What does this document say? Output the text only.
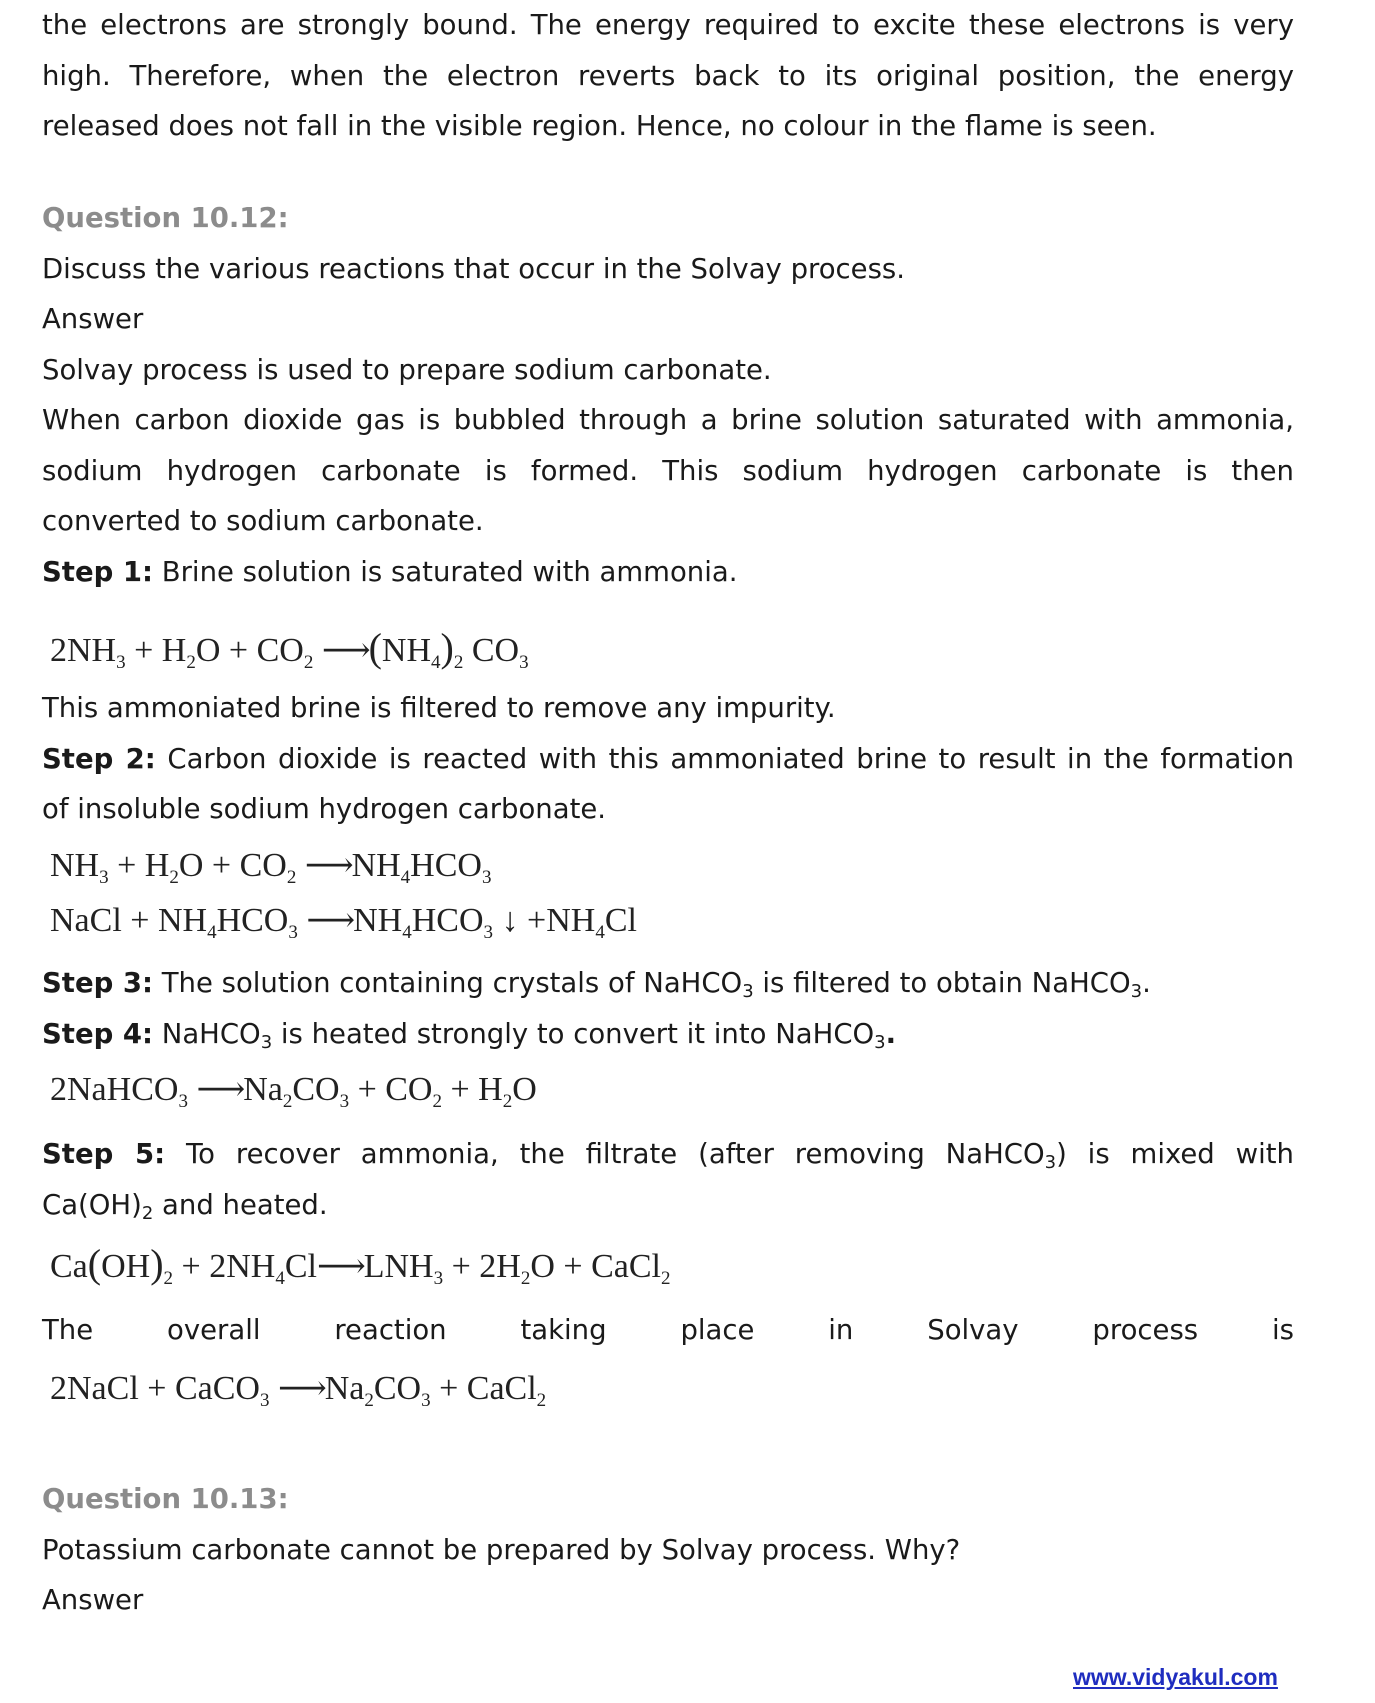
the electrons are strongly bound. The energy required to excite these electrons is very

high. Therefore, when the electron reverts back to its original position, the energy

released does not fall in the visible region. Hence, no colour in the flame is seen.

Question 10.12:

Discuss the various reactions that occur in the Solvay process.

Answer

Solvay process is used to prepare sodium carbonate.

When carbon dioxide gas is bubbled through a brine solution saturated with ammonia,

sodium hydrogen carbonate is formed. This sodium hydrogen carbonate is then

converted to sodium carbonate.

Step 1: Brine solution is saturated with ammonia.

$2NH_3 + H_2O + CO_2$ $⟶(NH_4)_2$ $CO_3$

This ammoniated brine is filtered to remove any impurity.

Step 2: Carbon dioxide is reacted with this ammoniated brine to result in the formation

of insoluble sodium hydrogen carbonate.

$NH_3 + H_2O + CO_2$ $⟶NH_4HCO_3$
NaCl + $NH_4HCO_3$ $⟶NH_4HCO_3$ ↓ $+NH_4Cl$

Step 3: The solution containing crystals of NaHCO$_3$ is filtered to obtain NaHCO$_3$.

Step 4: NaHCO$_3$ is heated strongly to convert it into NaHCO$_3$.

2NaHCO$_3$ $⟶Na_2CO_3 + CO_2 + H_2O$

Step 5: To recover ammonia, the filtrate (after removing NaHCO$_3$) is mixed with

$Ca(OH)_2$ and heated.

$Ca(OH)_2$ + $2NH_4Cl⟶LNH_3 + 2H_2O$ + CaCl$_2$
The	overall	reaction	taking	place	in	Solvay	process	is
2NaCl + CaCO$_3$ $⟶Na_2CO_3$ + CaCl$_2$

Question 10.13:

Potassium carbonate cannot be prepared by Solvay process. Why?

Answer

www.vidyakul.com
